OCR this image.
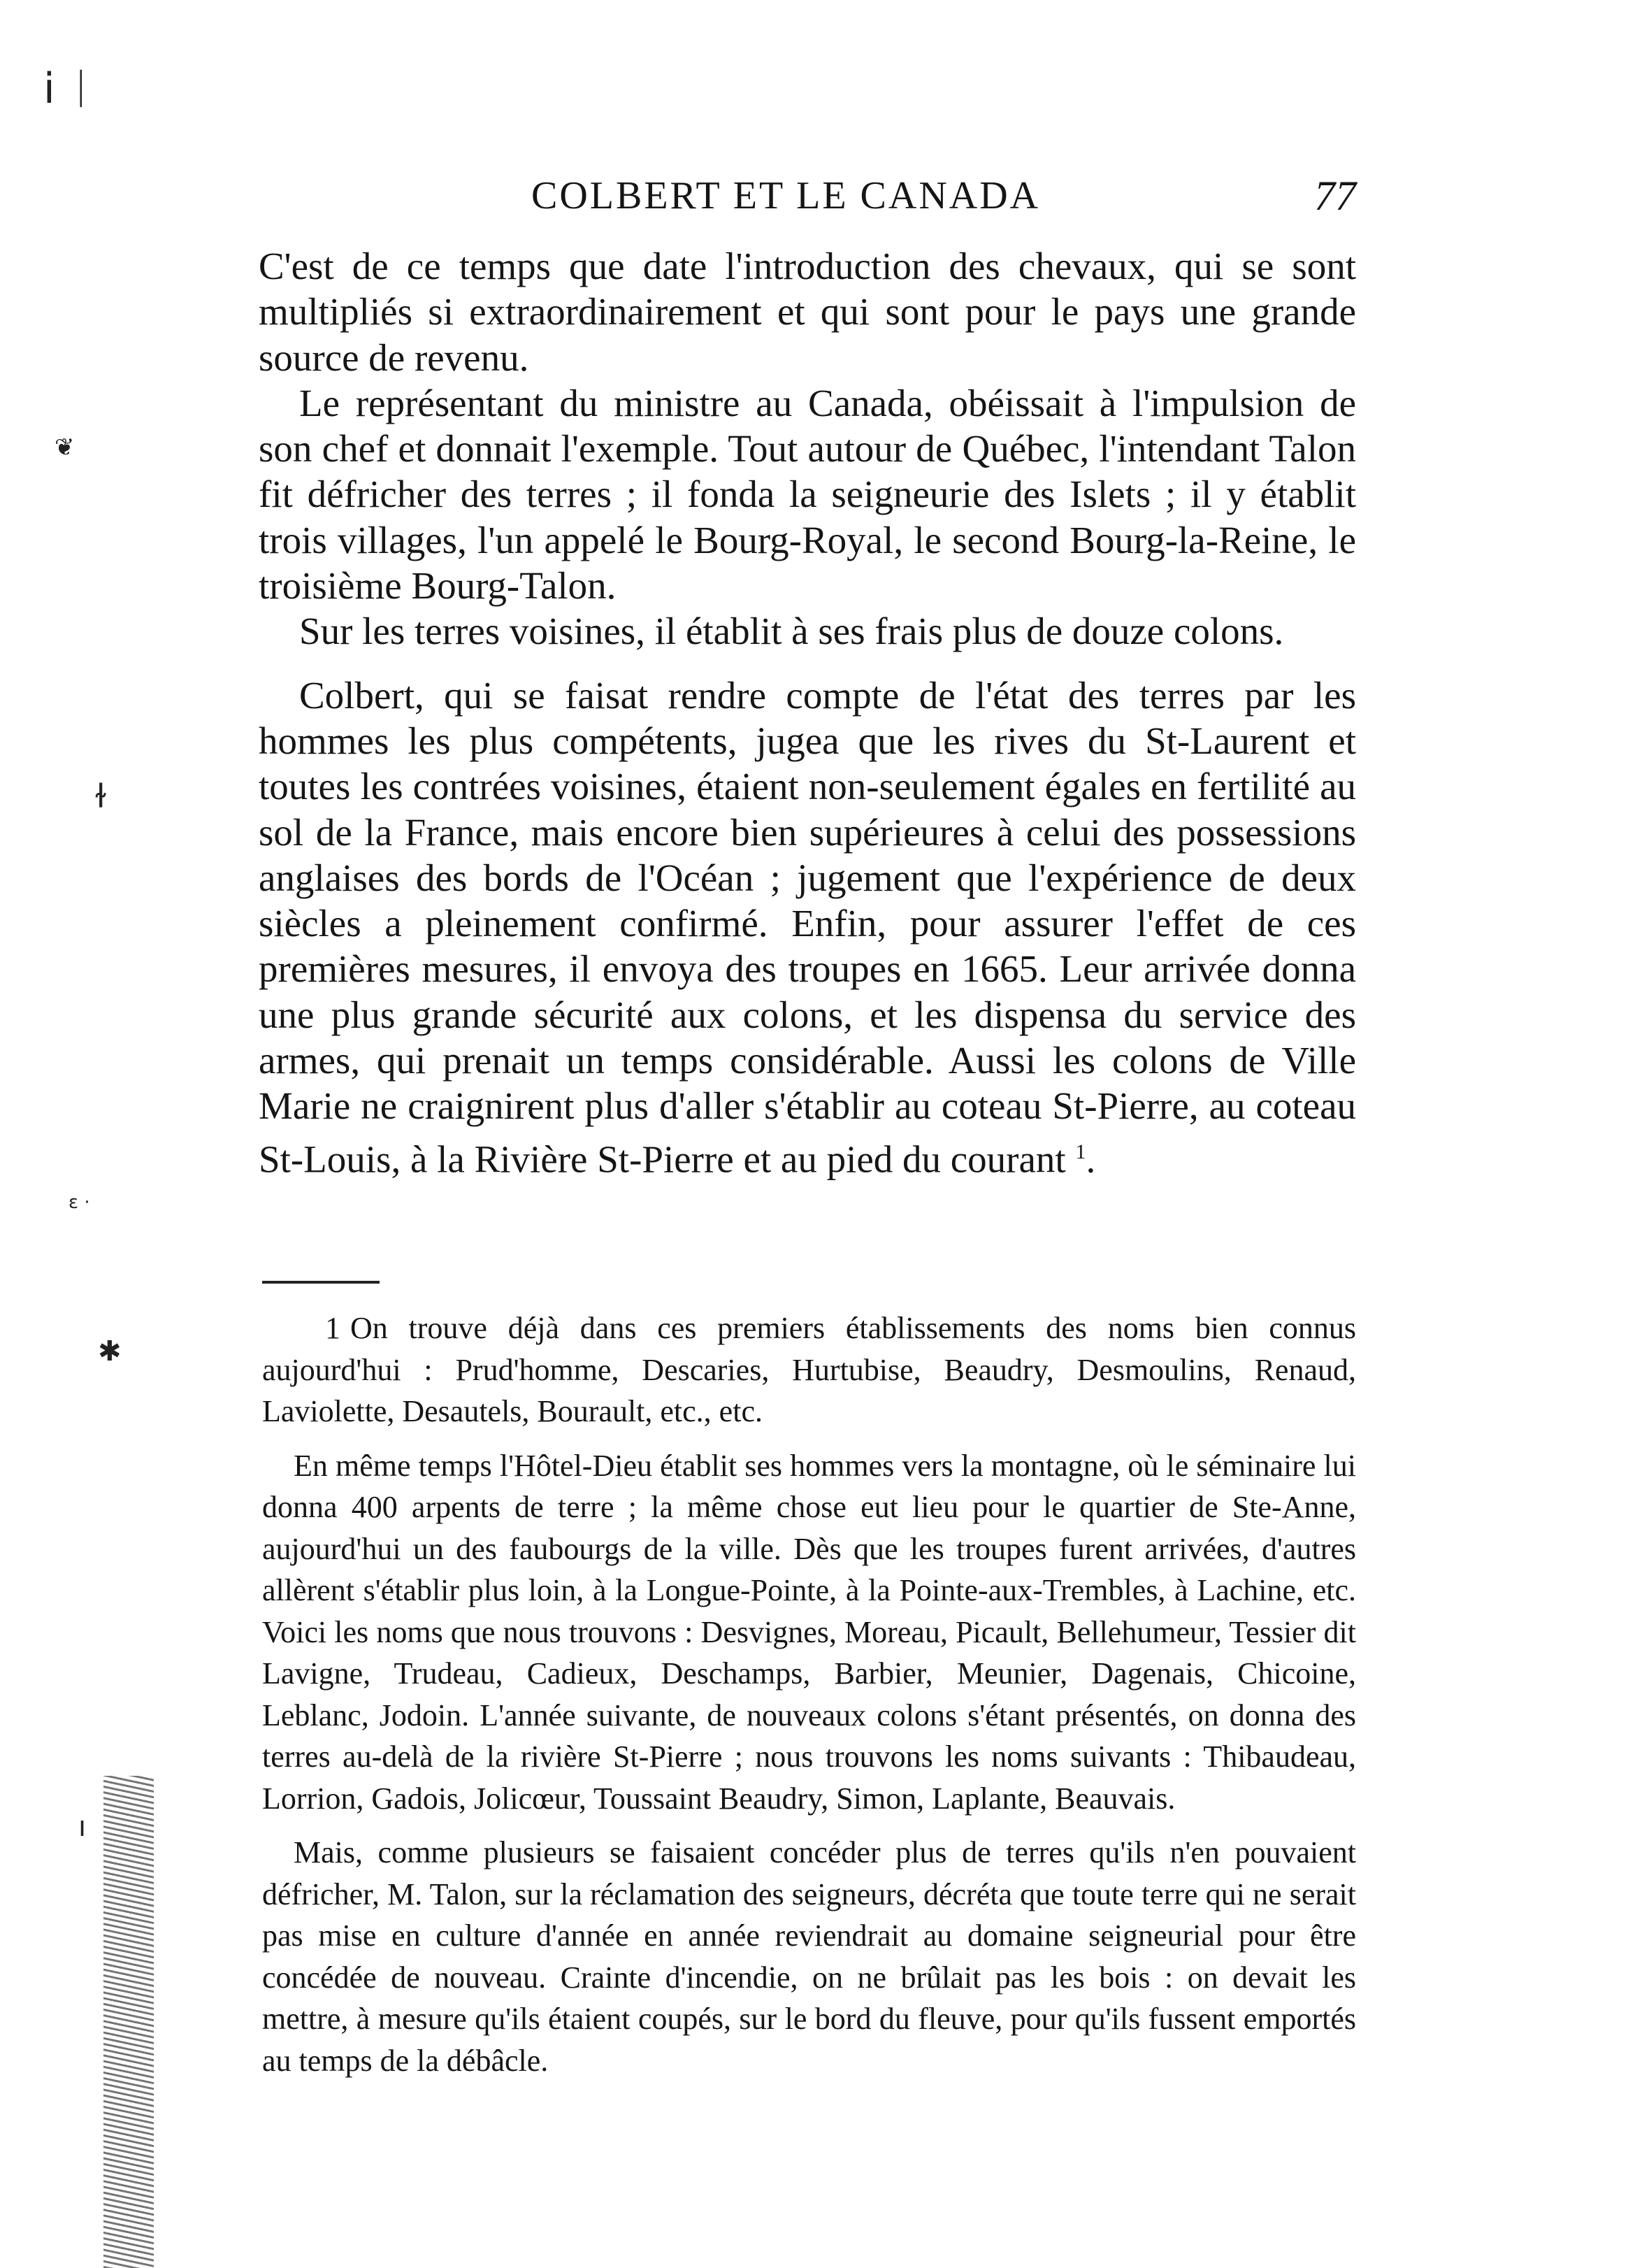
ⅰ ᛁ
❦
ɫ
ɛ ·
✱
ı
COLBERT ET LE CANADA	77

C'est de ce temps que date l'introduction des chevaux, qui se sont multipliés si extraordinairement et qui sont pour le pays une grande source de revenu.

Le représentant du ministre au Canada, obéissait à l'impulsion de son chef et donnait l'exemple. Tout autour de Québec, l'intendant Talon fit défricher des terres ; il fonda la seigneurie des Islets ; il y établit trois villages, l'un appelé le Bourg-Royal, le second Bourg-la-Reine, le troisième Bourg-Talon.

Sur les terres voisines, il établit à ses frais plus de douze colons.

Colbert, qui se faisat rendre compte de l'état des terres par les hommes les plus compétents, jugea que les rives du St-Laurent et toutes les contrées voisines, étaient non-seulement égales en fertilité au sol de la France, mais encore bien supérieures à celui des possessions anglaises des bords de l'Océan ; jugement que l'expérience de deux siècles a pleinement confirmé. Enfin, pour assurer l'effet de ces premières mesures, il envoya des troupes en 1665. Leur arrivée donna une plus grande sécurité aux colons, et les dispensa du service des armes, qui prenait un temps considérable. Aussi les colons de Ville Marie ne craignirent plus d'aller s'établir au coteau St-Pierre, au coteau St-Louis, à la Rivière St-Pierre et au pied du courant $^1$.

1 On trouve déjà dans ces premiers établissements des noms bien connus aujourd'hui : Prud'homme, Descaries, Hurtubise, Beaudry, Desmoulins, Renaud, Laviolette, Desautels, Bourault, etc., etc.

En même temps l'Hôtel-Dieu établit ses hommes vers la montagne, où le séminaire lui donna 400 arpents de terre ; la même chose eut lieu pour le quartier de Ste-Anne, aujourd'hui un des faubourgs de la ville. Dès que les troupes furent arrivées, d'autres allèrent s'établir plus loin, à la Longue-Pointe, à la Pointe-aux-Trembles, à Lachine, etc. Voici les noms que nous trouvons : Desvignes, Moreau, Picault, Bellehumeur, Tessier dit Lavigne, Trudeau, Cadieux, Deschamps, Barbier, Meunier, Dagenais, Chicoine, Leblanc, Jodoin. L'année suivante, de nouveaux colons s'étant présentés, on donna des terres au-delà de la rivière St-Pierre ; nous trouvons les noms suivants : Thibaudeau, Lorrion, Gadois, Jolicœur, Toussaint Beaudry, Simon, Laplante, Beauvais.

Mais, comme plusieurs se faisaient concéder plus de terres qu'ils n'en pouvaient défricher, M. Talon, sur la réclamation des seigneurs, décréta que toute terre qui ne serait pas mise en culture d'année en année reviendrait au domaine seigneurial pour être concédée de nouveau. Crainte d'incendie, on ne brûlait pas les bois : on devait les mettre, à mesure qu'ils étaient coupés, sur le bord du fleuve, pour qu'ils fussent emportés au temps de la débâcle.
